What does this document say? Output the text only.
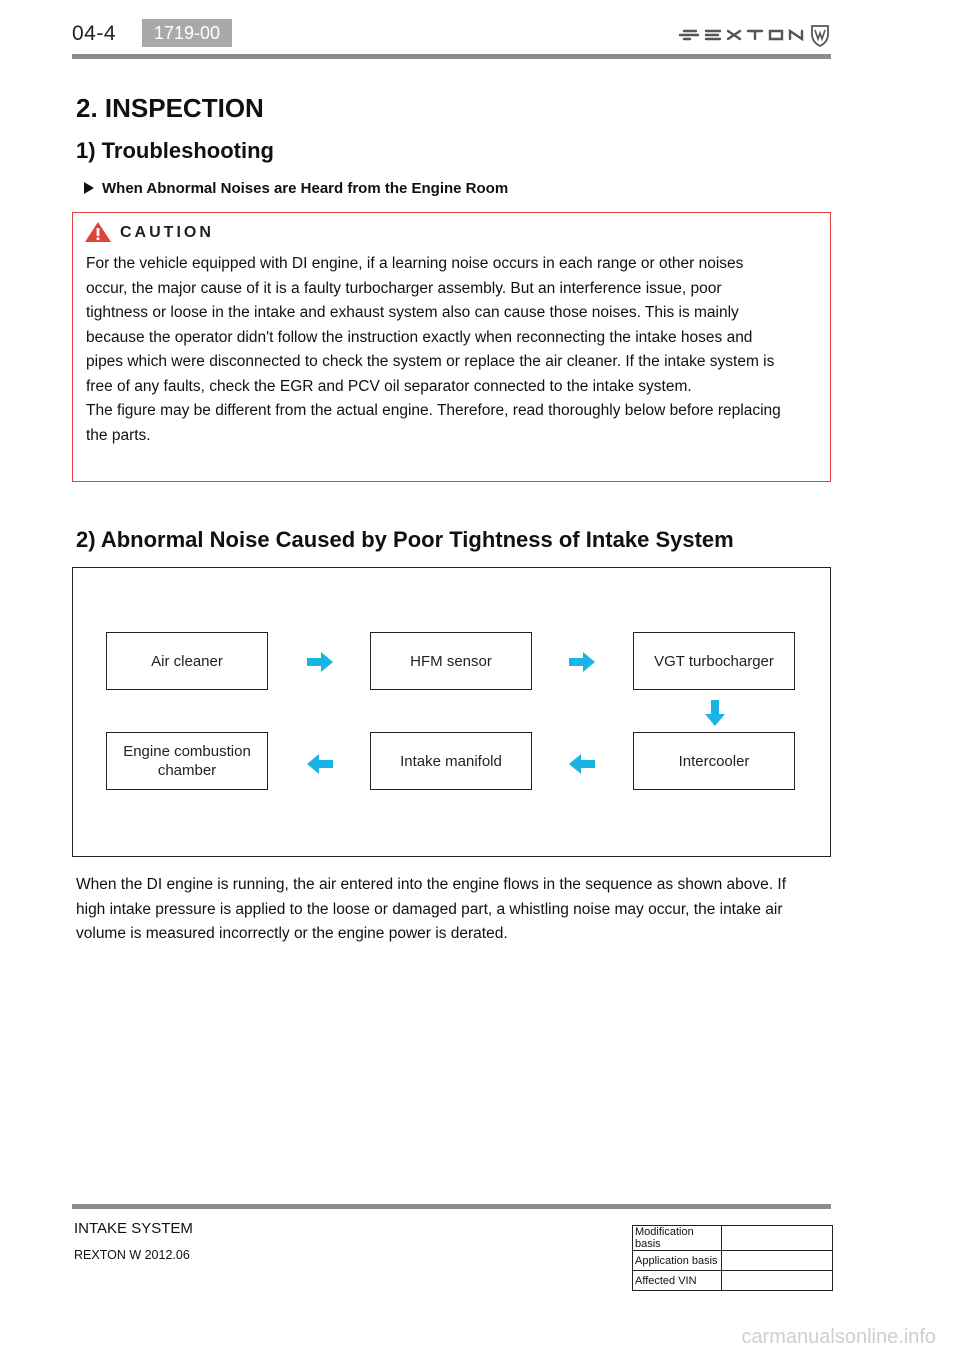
04-4	1719-00
2. INSPECTION
1) Troubleshooting
When Abnormal Noises are Heard from the Engine Room
CAUTION
For the vehicle equipped with DI engine, if a learning noise occurs in each range or other noises
occur, the major cause of it is a faulty turbocharger assembly. But an interference issue, poor
tightness or loose in the intake and exhaust system also can cause those noises. This is mainly
because the operator didn't follow the instruction exactly when reconnecting the intake hoses and
pipes which were disconnected to check the system or replace the air cleaner. If the intake system is
free of any faults, check the EGR and PCV oil separator connected to the intake system.
The figure may be different from the actual engine. Therefore, read thoroughly below before replacing
the parts.
2) Abnormal Noise Caused by Poor Tightness of Intake System
Air cleaner	HFM sensor	VGT turbocharger
Engine combustion
chamber
Intake manifold	Intercooler
When the DI engine is running, the air entered into the engine flows in the sequence as shown above. If
high intake pressure is applied to the loose or damaged part, a whistling noise may occur, the intake air
volume is measured incorrectly or the engine power is derated.
INTAKE SYSTEM
REXTON W 2012.06
Modification basis	
Application basis	
Affected VIN	
carmanualsonline.info
